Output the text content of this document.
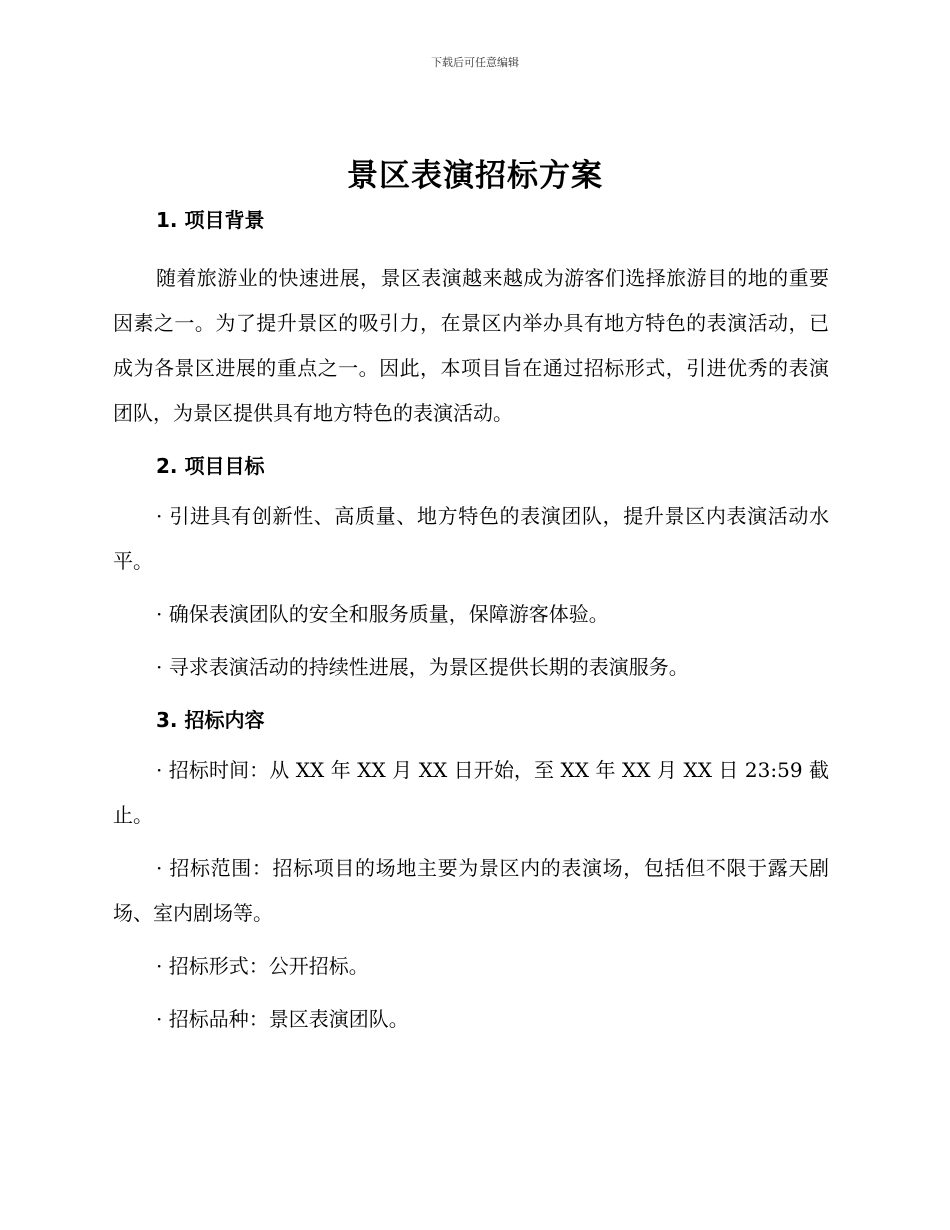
下载后可任意编辑
景区表演招标方案
1. 项目背景

随着旅游业的快速进展，景区表演越来越成为游客们选择旅游目的地的重要因素之一。为了提升景区的吸引力，在景区内举办具有地方特色的表演活动，已成为各景区进展的重点之一。因此，本项目旨在通过招标形式，引进优秀的表演团队，为景区提供具有地方特色的表演活动。

2. 项目目标

· 引进具有创新性、高质量、地方特色的表演团队，提升景区内表演活动水平。

· 确保表演团队的安全和服务质量，保障游客体验。

· 寻求表演活动的持续性进展，为景区提供长期的表演服务。

3. 招标内容

· 招标时间：从 XX 年 XX 月 XX 日开始，至 XX 年 XX 月 XX 日 23:59 截止。

· 招标范围：招标项目的场地主要为景区内的表演场，包括但不限于露天剧场、室内剧场等。

· 招标形式：公开招标。

· 招标品种：景区表演团队。
